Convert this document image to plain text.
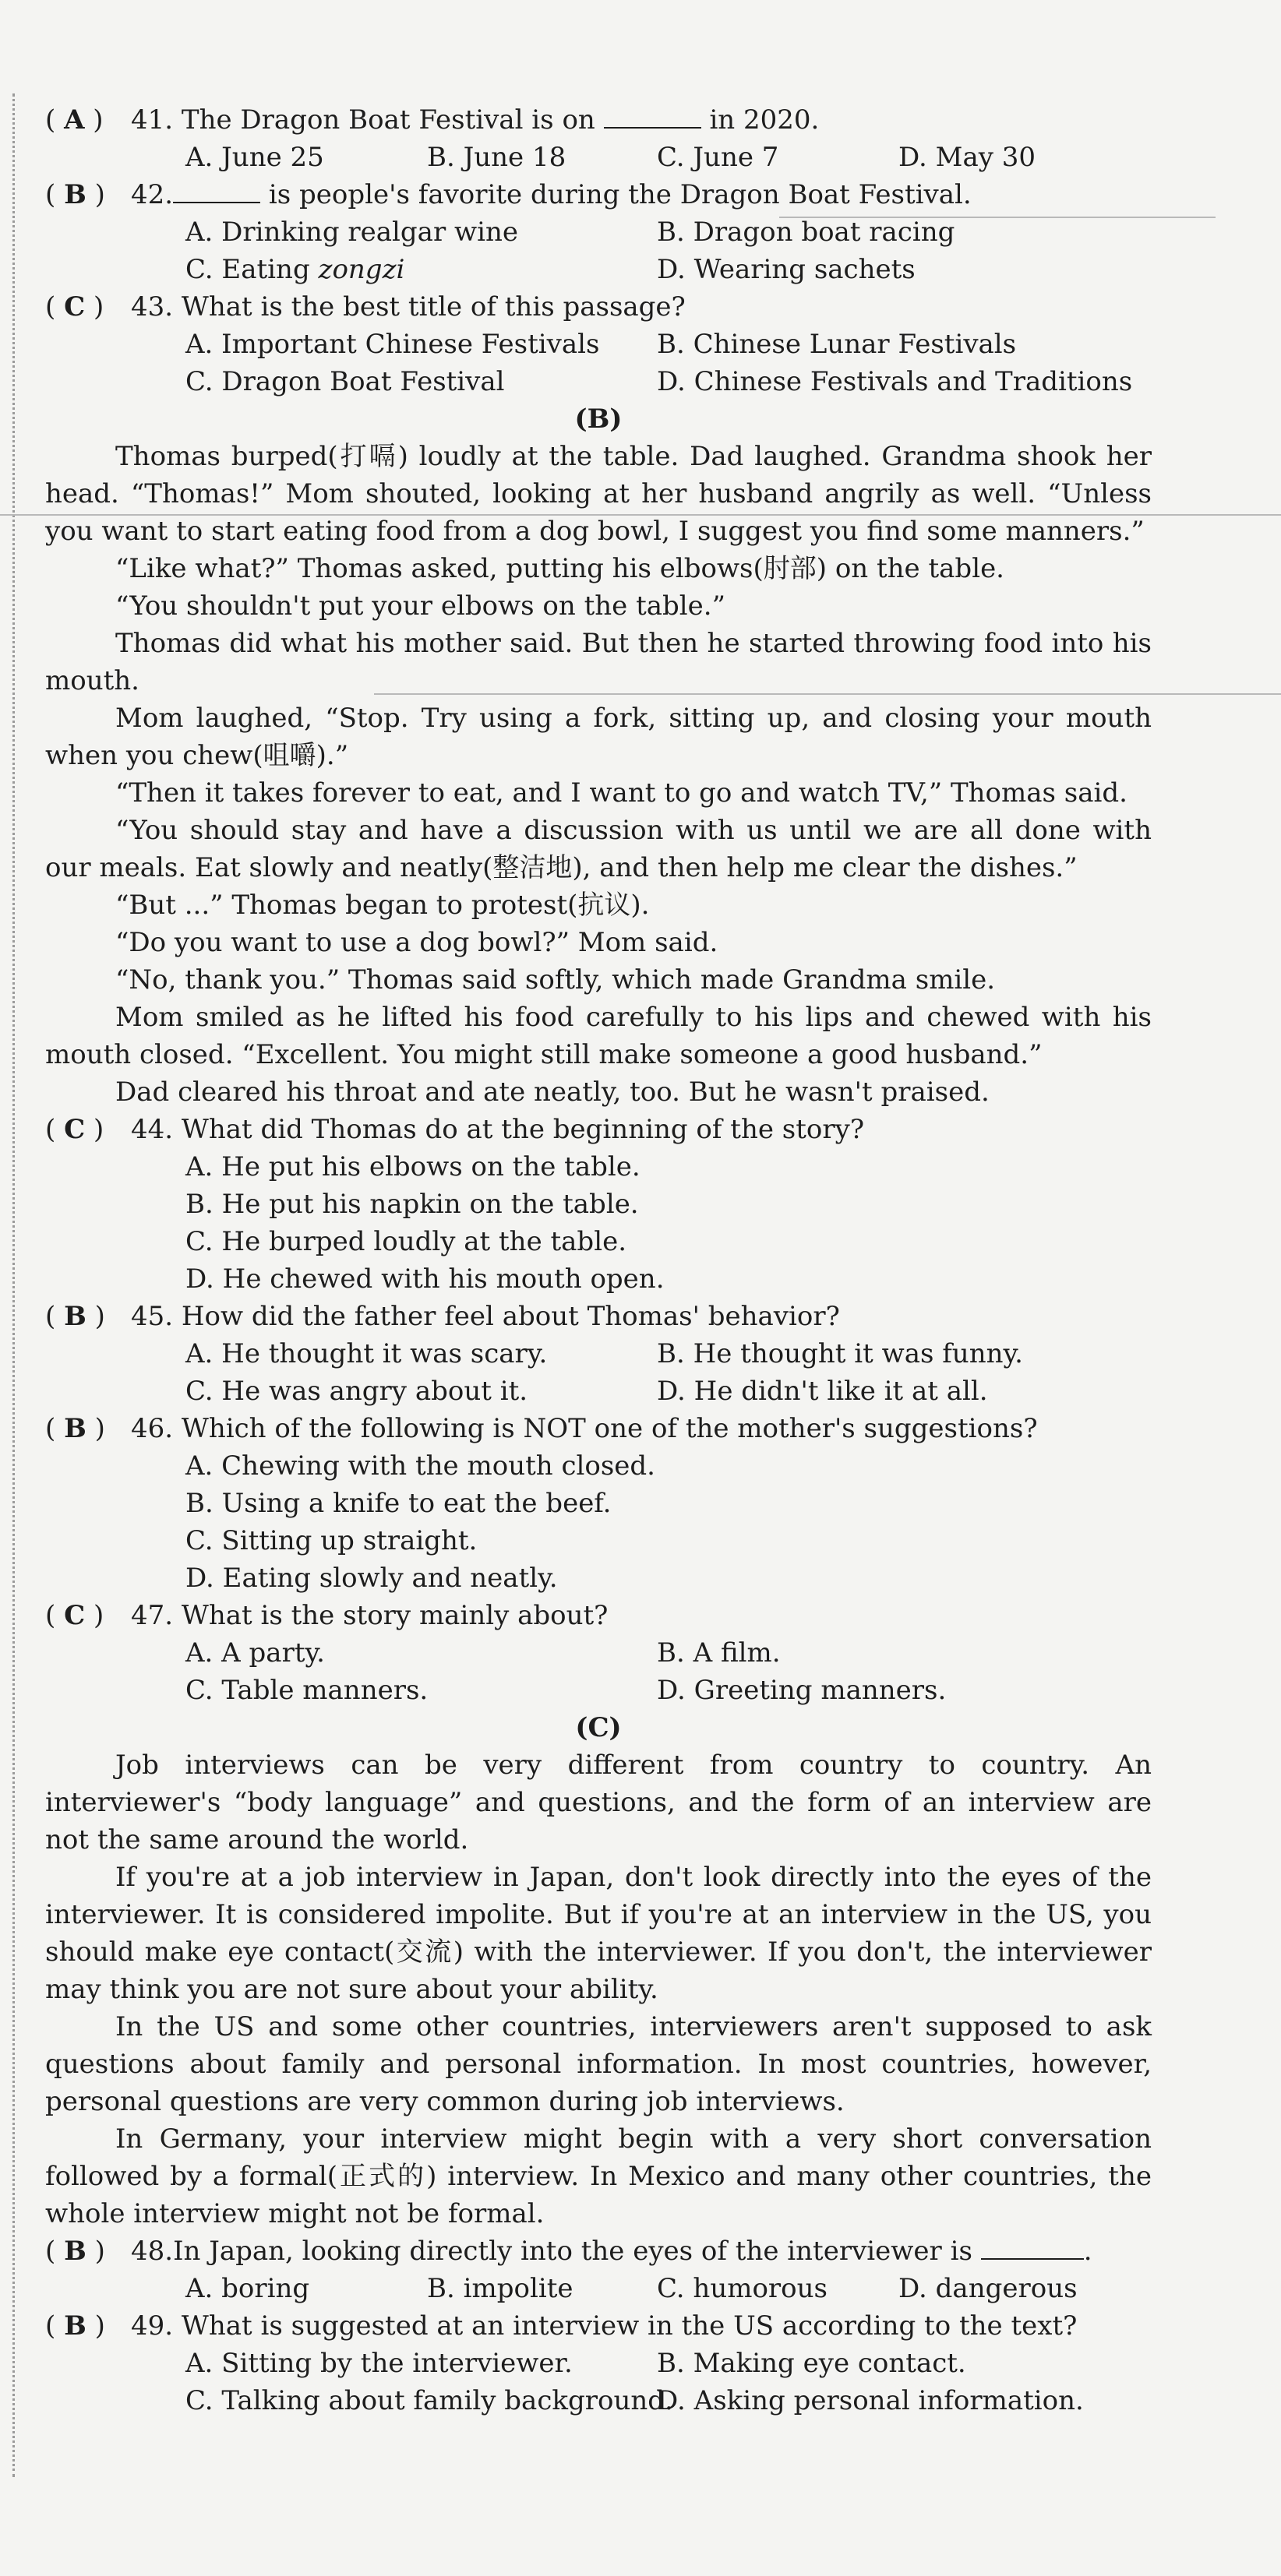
( A ) 41. The Dragon Boat Festival is on	in 2020.
A. June 25	B. June 18	C. June 7	D. May 30
( B ) 42.	is people's favorite during the Dragon Boat Festival.
A. Drinking realgar wine	B. Dragon boat racing
C. Eating zongzi	D. Wearing sachets
( C ) 43. What is the best title of this passage?
A. Important Chinese Festivals B. Chinese Lunar Festivals
C. Dragon Boat Festival	D. Chinese Festivals and Traditions
(B)
Thomas burped(打嗝) loudly at the table. Dad laughed. Grandma shook her head. “Thomas!” Mom shouted, looking at her husband angrily as well. “Unless you want to start eating food from a dog bowl, I suggest you find some manners.”
“Like what?” Thomas asked, putting his elbows(肘部) on the table.
“You shouldn't put your elbows on the table.”
Thomas did what his mother said. But then he started throwing food into his mouth.
Mom laughed, “Stop. Try using a fork, sitting up, and closing your mouth when you chew(咀嚼).”
“Then it takes forever to eat, and I want to go and watch TV,” Thomas said.
“You should stay and have a discussion with us until we are all done with our meals. Eat slowly and neatly(整洁地), and then help me clear the dishes.”
“But ...” Thomas began to protest(抗议).
“Do you want to use a dog bowl?” Mom said.
“No, thank you.” Thomas said softly, which made Grandma smile.
Mom smiled as he lifted his food carefully to his lips and chewed with his mouth closed. “Excellent. You might still make someone a good husband.”
Dad cleared his throat and ate neatly, too. But he wasn't praised.
( C ) 44. What did Thomas do at the beginning of the story?
A. He put his elbows on the table.
B. He put his napkin on the table.
C. He burped loudly at the table.
D. He chewed with his mouth open.
( B ) 45. How did the father feel about Thomas' behavior?
A. He thought it was scary.	B. He thought it was funny.
C. He was angry about it.	D. He didn't like it at all.
( B ) 46. Which of the following is NOT one of the mother's suggestions?
A. Chewing with the mouth closed.
B. Using a knife to eat the beef.
C. Sitting up straight.
D. Eating slowly and neatly.
( C ) 47. What is the story mainly about?
A. A party.	B. A film.
C. Table manners.	D. Greeting manners.
(C)
Job interviews can be very different from country to country. An interviewer's “body language” and questions, and the form of an interview are not the same around the world.
If you're at a job interview in Japan, don't look directly into the eyes of the interviewer. It is considered impolite. But if you're at an interview in the US, you should make eye contact(交流) with the interviewer. If you don't, the interviewer may think you are not sure about your ability.
In the US and some other countries, interviewers aren't supposed to ask questions about family and personal information. In most countries, however, personal questions are very common during job interviews.
In Germany, your interview might begin with a very short conversation followed by a formal(正式的) interview. In Mexico and many other countries, the whole interview might not be formal.
( B ) 48.In Japan, looking directly into the eyes of the interviewer is	.
A. boring	B. impolite	C. humorous	D. dangerous
( B ) 49. What is suggested at an interview in the US according to the text?
A. Sitting by the interviewer.	B. Making eye contact.
C. Talking about family background.
D. Asking personal information.
